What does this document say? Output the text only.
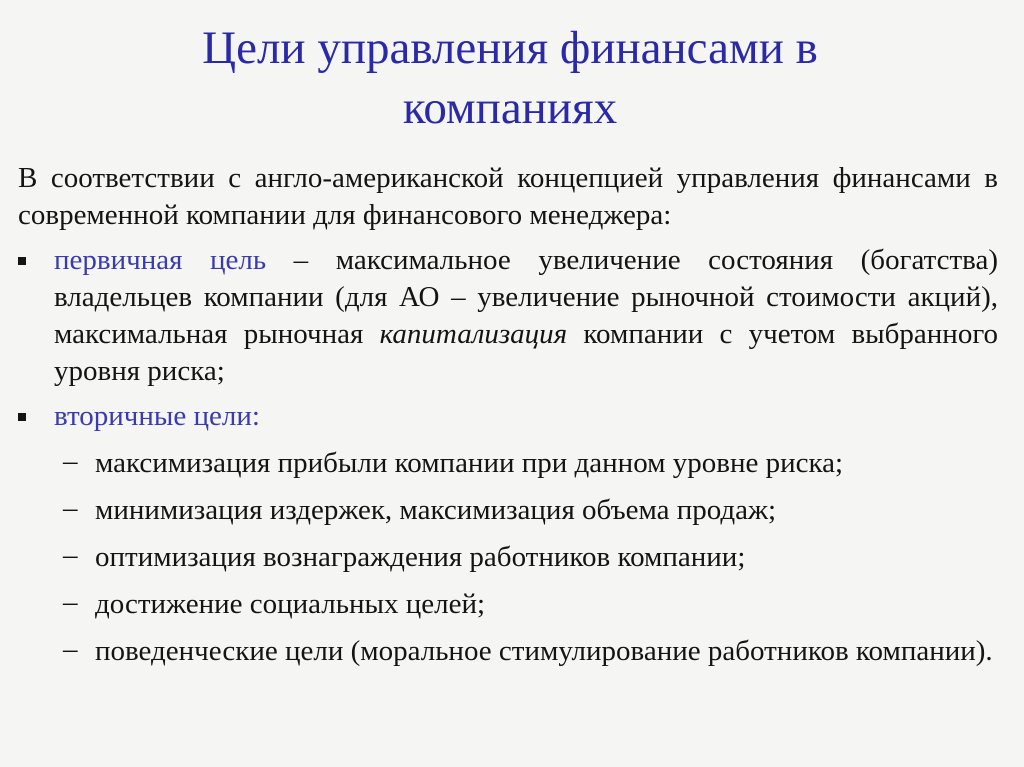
Цели управления финансами в
компаниях

В соответствии с англо-американской концепцией управления финансами в современной компании для финансового менеджера:

первичная цель – максимальное увеличение состояния (богатства) владельцев компании (для АО – увеличение рыночной стоимости акций), максимальная рыночная капитализация компании с учетом выбранного уровня риска;

вторичные цели:

– максимизация прибыли компании при данном уровне риска;

– минимизация издержек, максимизация объема продаж;

– оптимизация вознаграждения работников компании;

– достижение социальных целей;

– поведенческие цели (моральное стимулирование работников компании).
